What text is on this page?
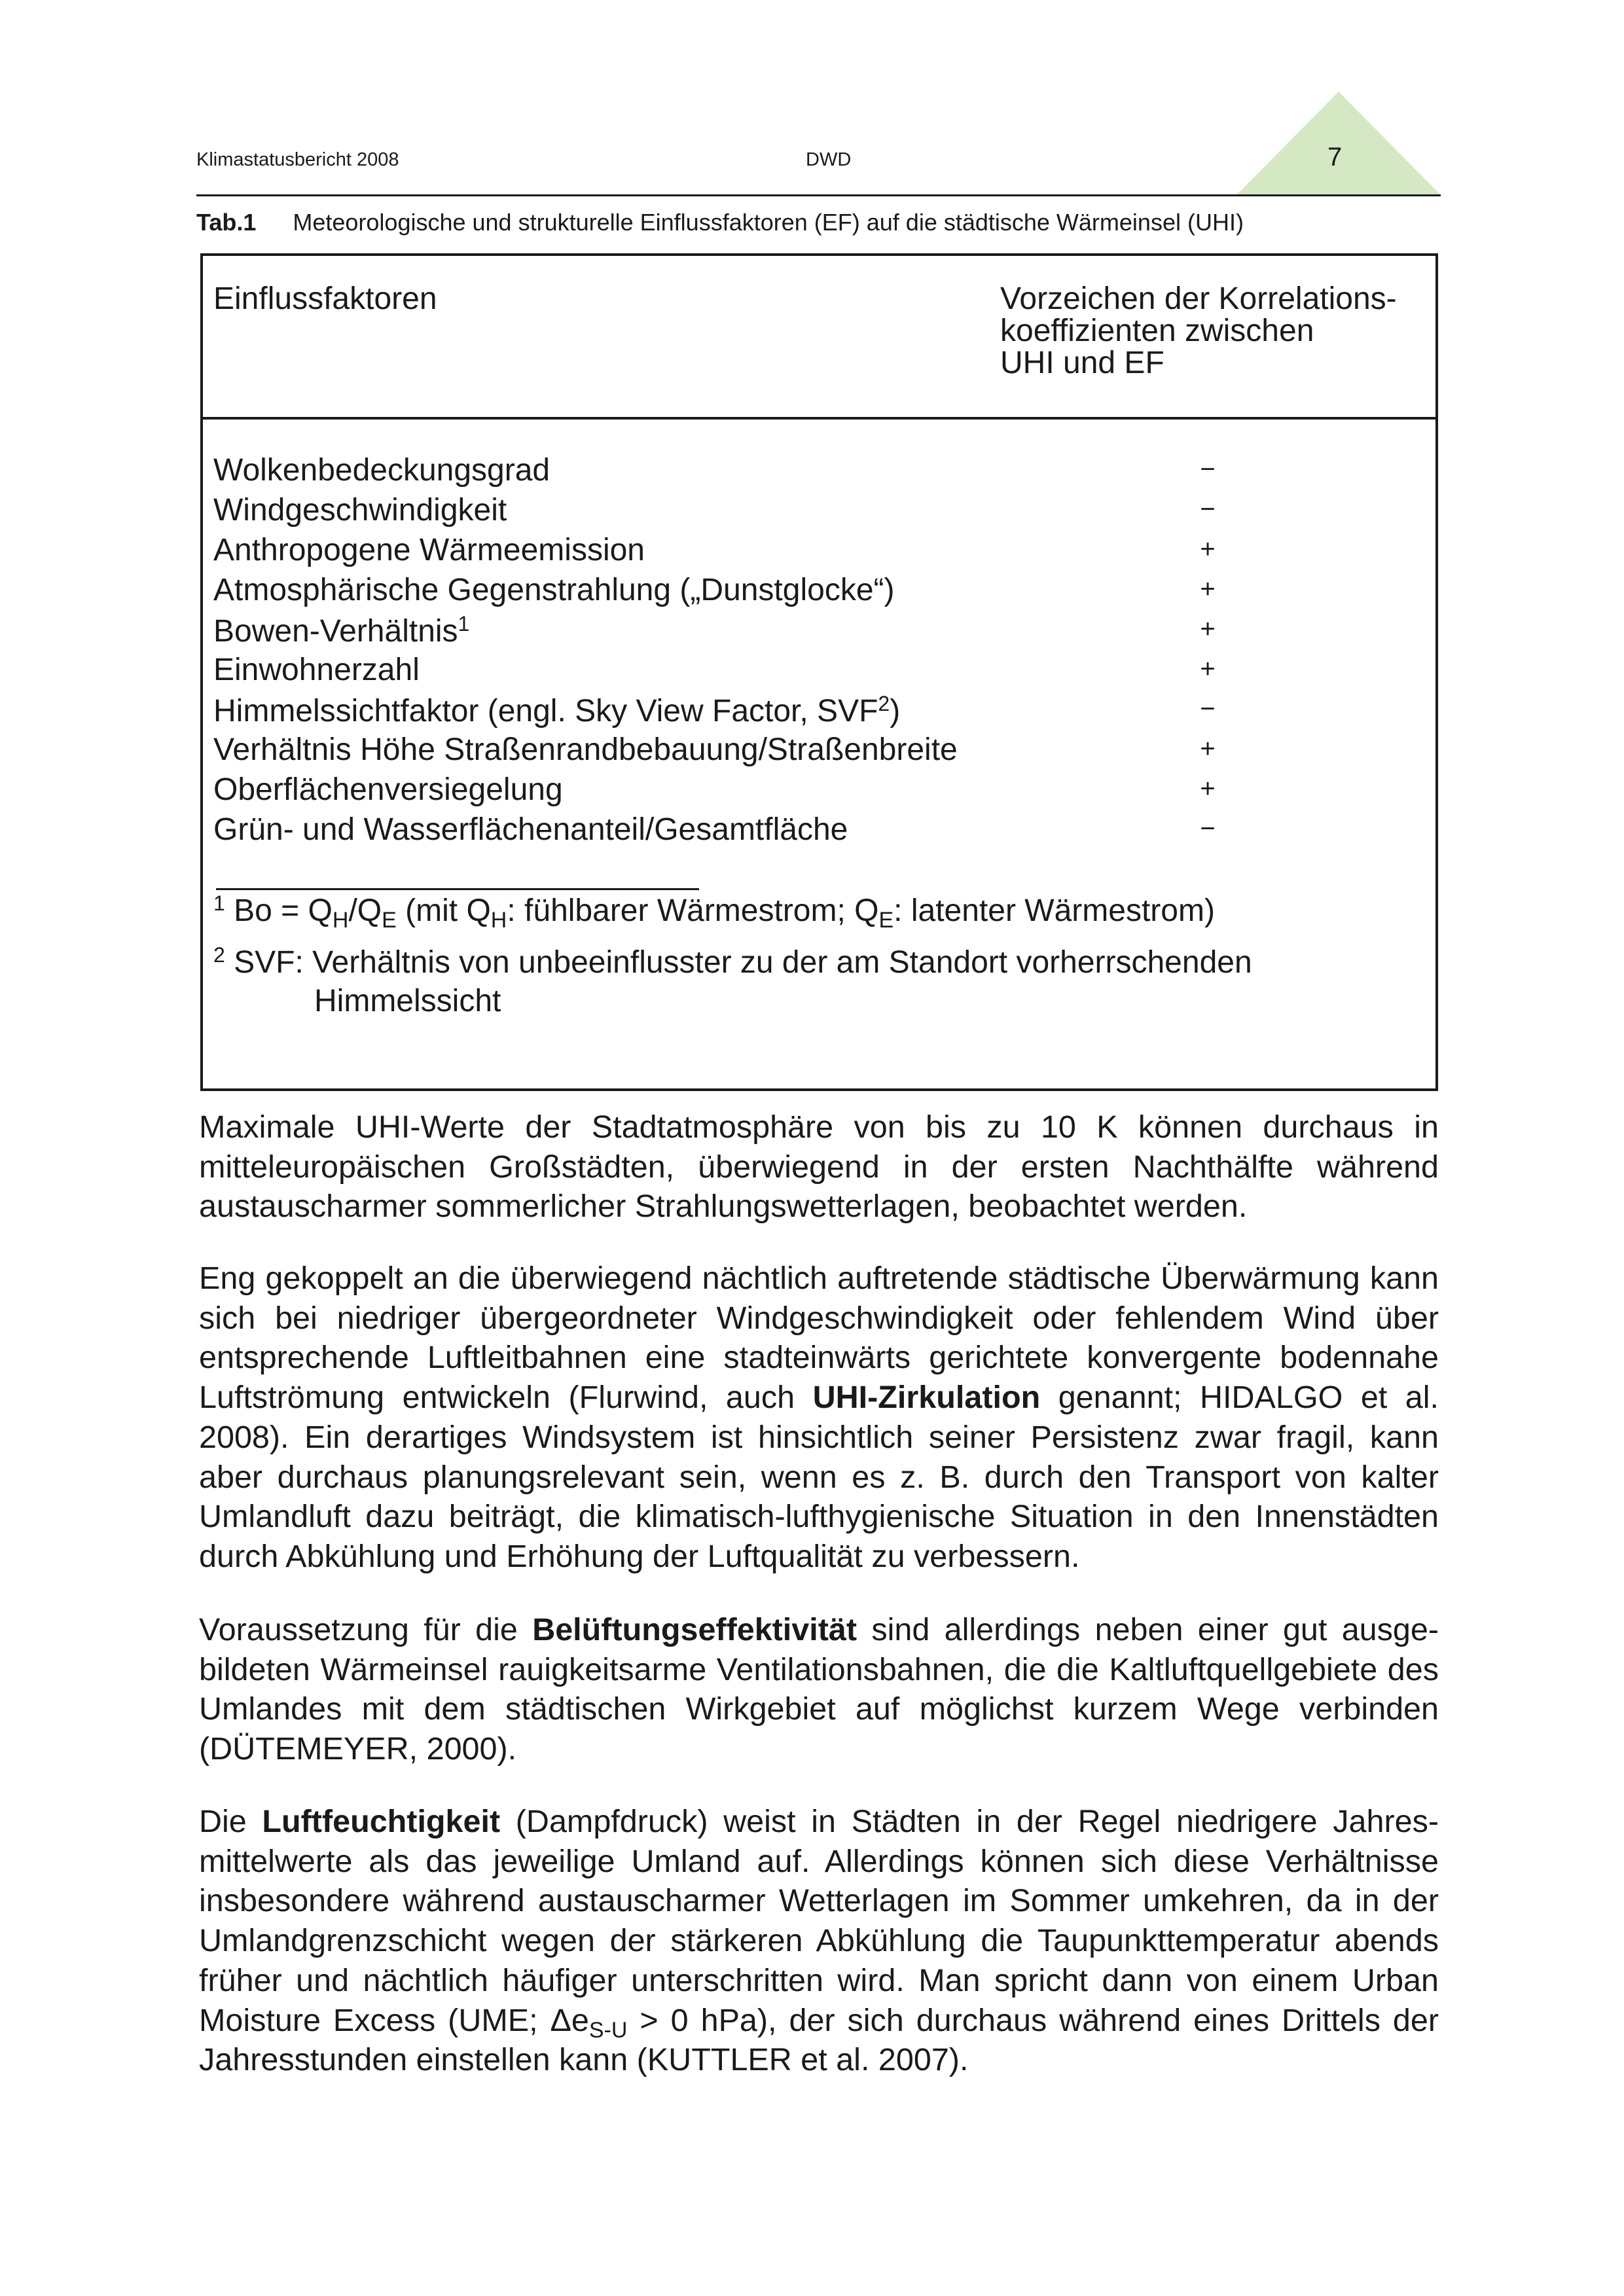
Klimastatusbericht 2008	DWD	7
Tab.1 Meteorologische und strukturelle Einflussfaktoren (EF) auf die städtische Wärmeinsel (UHI)
Einflussfaktoren	Vorzeichen der Korrelations-
koeffizienten zwischen
UHI und EF
Wolkenbedeckungsgrad	−
Windgeschwindigkeit	−
Anthropogene Wärmeemission	+
Atmosphärische Gegenstrahlung („Dunstglocke“)	+
Bowen-Verhältnis$^1$	+
Einwohnerzahl	+
Himmelssichtfaktor (engl. Sky View Factor, SVF$^2$)	−
Verhältnis Höhe Straßenrandbebauung/Straßenbreite	+
Oberflächenversiegelung	+
Grün- und Wasserflächenanteil/Gesamtfläche	−
$^1$ $Bo = Q_H/Q_E$ (mit $Q_H$: fühlbarer Wärmestrom; $Q_E$: latenter Wärmestrom)
$^2$ SVF: Verhältnis von unbeeinflusster zu der am Standort vorherrschenden
Himmelssicht

Maximale UHI-Werte der Stadtatmosphäre von bis zu 10 K können durchaus in mitteleuropäischen Großstädten, überwiegend in der ersten Nachthälfte während austauscharmer sommerlicher Strahlungswetterlagen, beobachtet werden.

Eng gekoppelt an die überwiegend nächtlich auftretende städtische Überwärmung kann sich bei niedriger übergeordneter Windgeschwindigkeit oder fehlendem Wind über entsprechende Luftleitbahnen eine stadteinwärts gerichtete konvergente bodennahe Luftströmung entwickeln (Flurwind, auch UHI-Zirkulation genannt; HIDALGO et al. 2008). Ein derartiges Windsystem ist hinsichtlich seiner Persistenz zwar fragil, kann aber durchaus planungsrelevant sein, wenn es z. B. durch den Transport von kalter Umlandluft dazu beiträgt, die klimatisch-lufthygienische Situation in den Innenstädten durch Abkühlung und Erhöhung der Luftqualität zu verbessern.

Voraussetzung für die Belüftungseffektivität sind allerdings neben einer gut ausgebildeten Wärmeinsel rauigkeitsarme Ventilationsbahnen, die die Kaltluftquellgebiete des Umlandes mit dem städtischen Wirkgebiet auf möglichst kurzem Wege verbinden (DÜTEMEYER, 2000).

Die Luftfeuchtigkeit (Dampfdruck) weist in Städten in der Regel niedrigere Jahresmittelwerte als das jeweilige Umland auf. Allerdings können sich diese Verhältnisse insbesondere während austauscharmer Wetterlagen im Sommer umkehren, da in der Umlandgrenzschicht wegen der stärkeren Abkühlung die Taupunkttemperatur abends früher und nächtlich häufiger unterschritten wird. Man spricht dann von einem Urban Moisture Excess (UME; $\Delta e_{S-U} > 0$ hPa), der sich durchaus während eines Drittels der Jahresstunden einstellen kann (KUTTLER et al. 2007).
